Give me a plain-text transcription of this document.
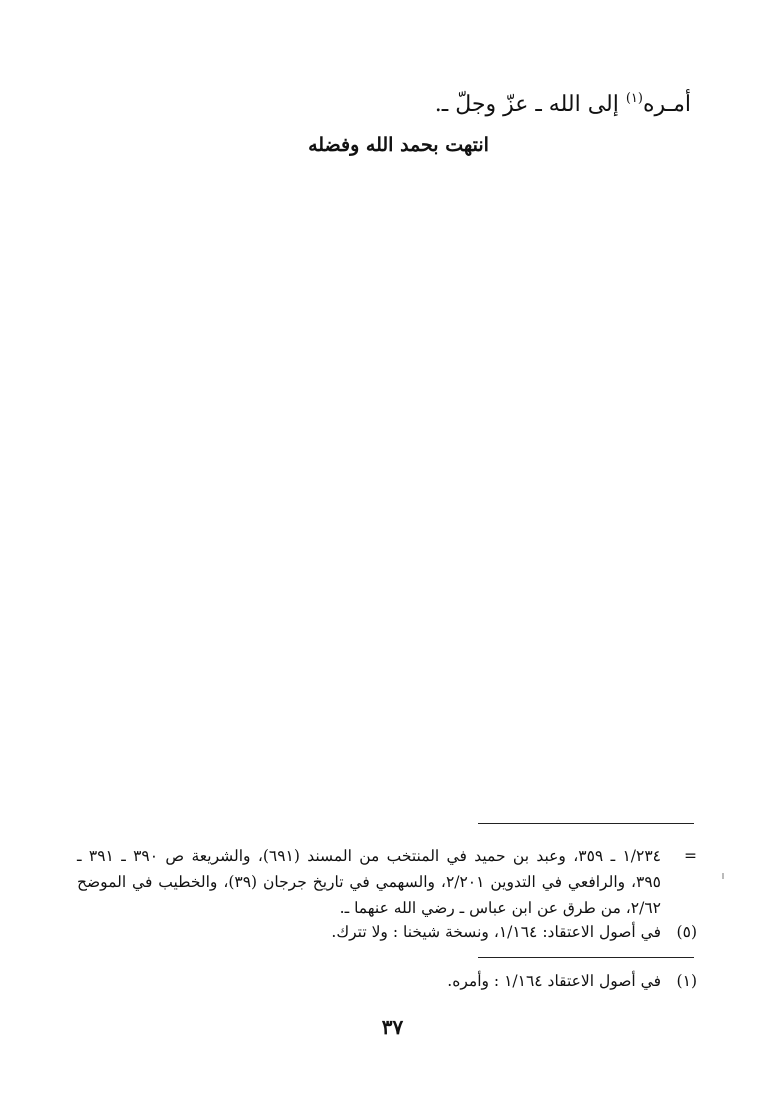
أمـره$^{(١)}$ إلى الله ـ عزّ وجلّ ـ.
انتهت بحمد الله وفضله
=
١/٢٣٤ ـ ٣٥٩، وعبد بن حميد في المنتخب من المسند (٦٩١)، والشريعة ص ٣٩٠ ـ ٣٩١ ـ
٣٩٥، والرافعي في التدوين ٢/٢٠١، والسهمي في تاريخ جرجان (٣٩)، والخطيب في الموضح
٢/٦٢، من طرق عن ابن عباس ـ رضي الله عنهما ـ.
(٥)
في أصول الاعتقاد: ١/١٦٤، ونسخة شيخنا : ولا تترك.
(١)
في أصول الاعتقاد ١/١٦٤ : وأمره.
٣٧
